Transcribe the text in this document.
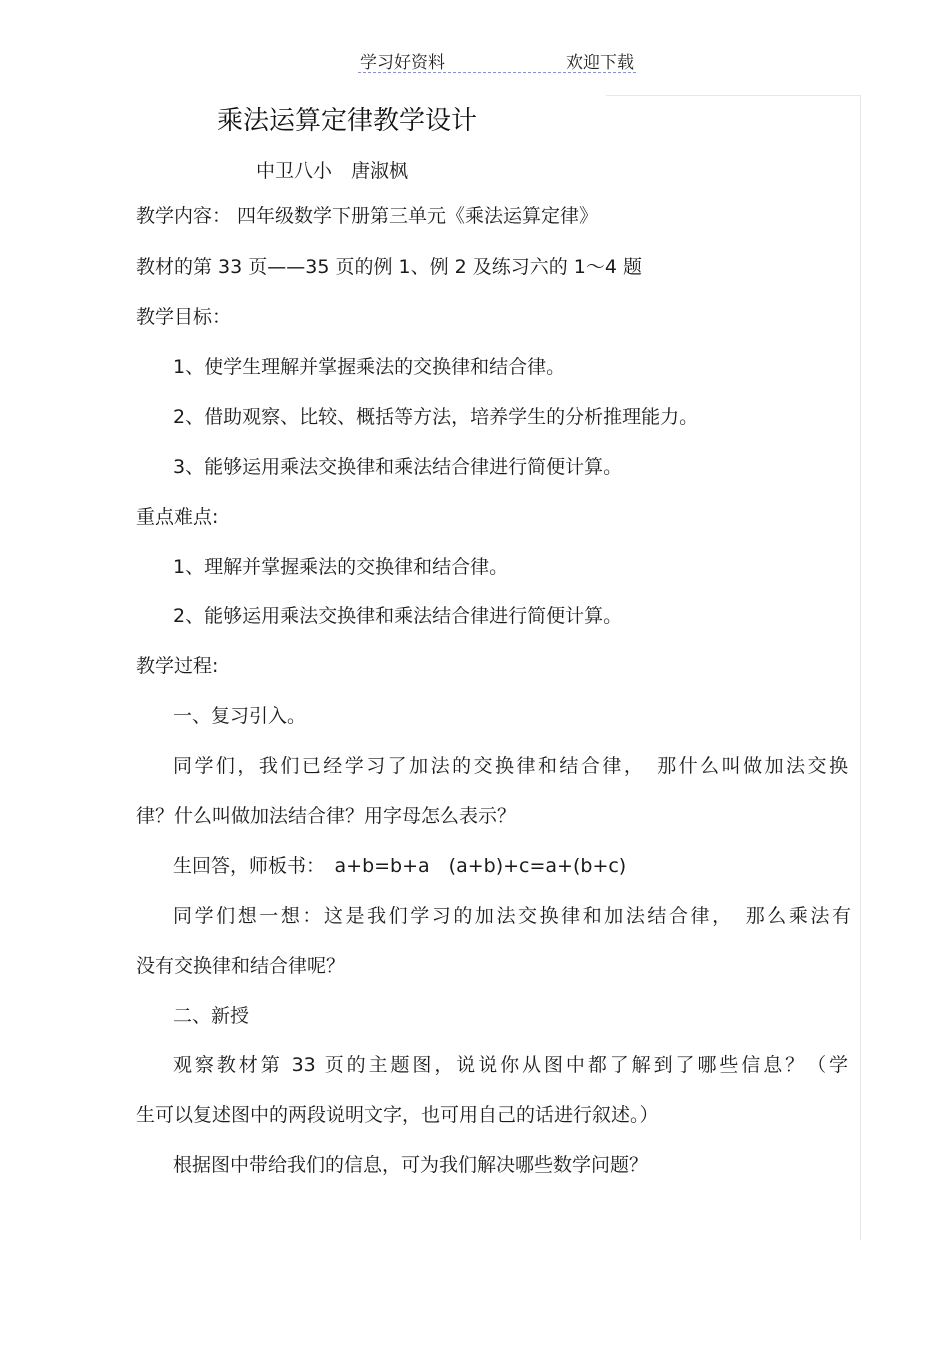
学习好资料	欢迎下载
乘法运算定律教学设计
中卫八小　唐淑枫
教学内容： 四年级数学下册第三单元《乘法运算定律》
教材的第 33 页——35 页的例 1、例 2 及练习六的 1～4 题
教学目标：
1、使学生理解并掌握乘法的交换律和结合律。
2、借助观察、比较、概括等方法，培养学生的分析推理能力。
3、能够运用乘法交换律和乘法结合律进行简便计算。
重点难点:
1、理解并掌握乘法的交换律和结合律。
2、能够运用乘法交换律和乘法结合律进行简便计算。
教学过程:
一、复习引入。
同学们，我们已经学习了加法的交换律和结合律，　那什么叫做加法交换
律？什么叫做加法结合律？用字母怎么表示？
生回答，师板书：　a+b=b+a　(a+b)+c=a+(b+c)
同学们想一想：这是我们学习的加法交换律和加法结合律，　那么乘法有
没有交换律和结合律呢？
二、新授
观察教材第 33 页的主题图，说说你从图中都了解到了哪些信息？（学
生可以复述图中的两段说明文字，也可用自己的话进行叙述。）
根据图中带给我们的信息，可为我们解决哪些数学问题？
